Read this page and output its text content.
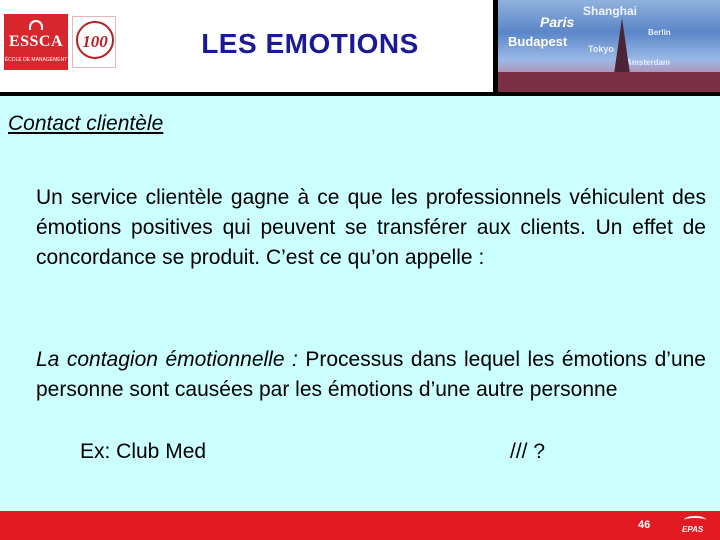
ESSCA
ÉCOLE DE MANAGEMENT
100	LES EMOTIONS
Shanghai
Paris
Budapest Tokyo
Berlin
Amsterdam
Contact clientèle

Un service clientèle gagne à ce que les professionnels véhiculent des émotions positives qui peuvent se transférer aux clients. Un effet de concordance se produit. C’est ce qu’on appelle :

La contagion émotionnelle : Processus dans lequel les émotions d’une personne sont causées par les émotions d’une autre personne

Ex: Club Med	/// ?
46	EPAS
